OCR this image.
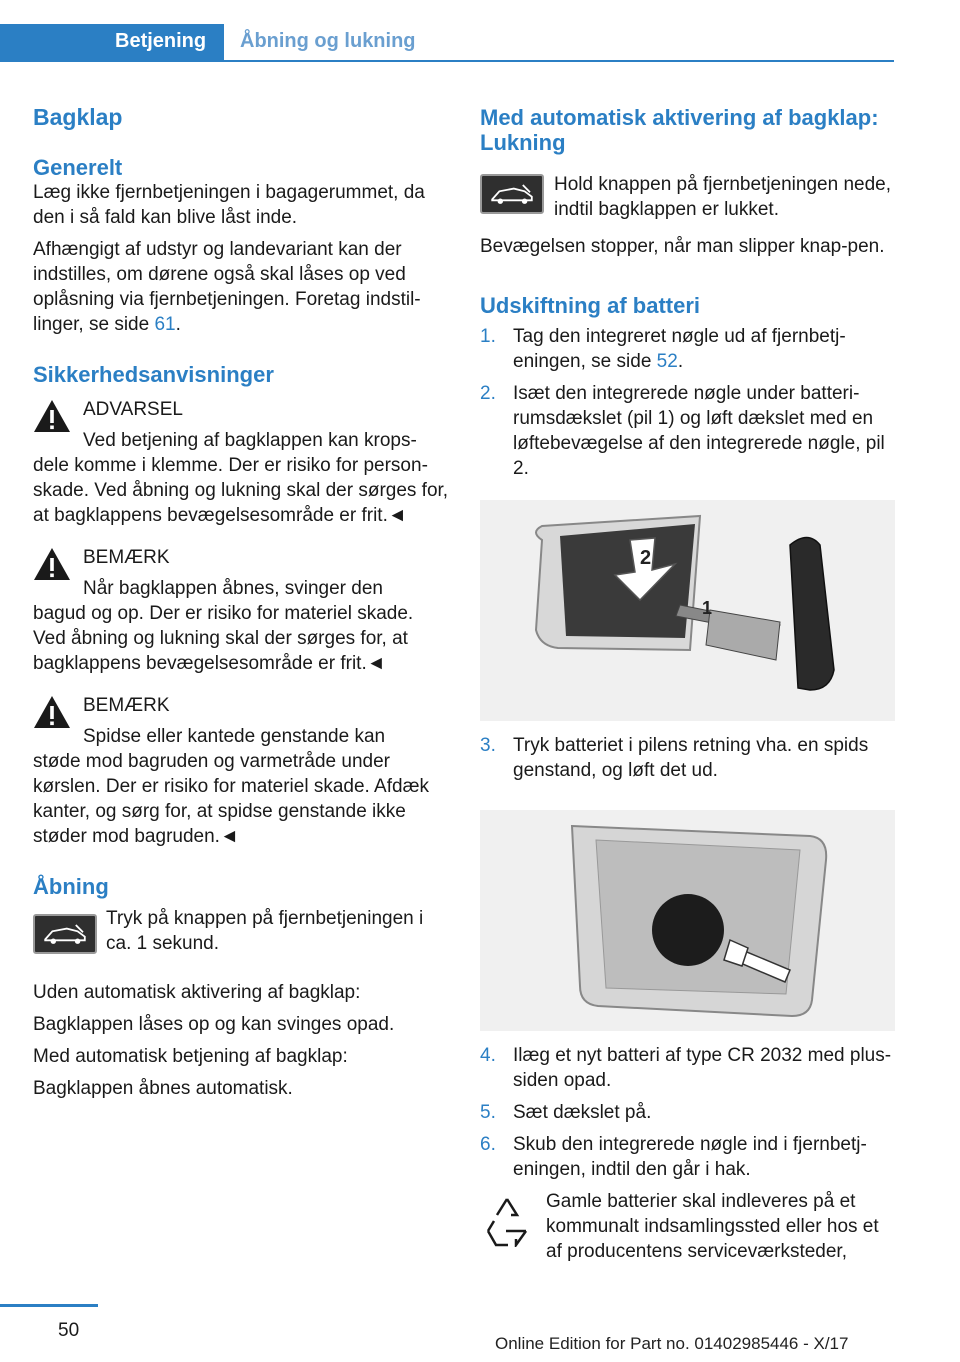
Betjening	Åbning og lukning
Bagklap
Generelt

Læg ikke fjernbetjeningen i bagagerummet, da den i så fald kan blive låst inde.

Afhængigt af udstyr og landevariant kan der indstilles, om dørene også skal låses op ved oplåsning via fjernbetjeningen. Foretag indstil‐linger, se side 61.

Sikkerhedsanvisninger

ADVARSEL

Ved betjening af bagklappen kan krops‐

dele komme i klemme. Der er risiko for person‐skade. Ved åbning og lukning skal der sørges for, at bagklappens bevægelsesområde er frit.◄

BEMÆRK

Når bagklappen åbnes, svinger den

bagud og op. Der er risiko for materiel skade. Ved åbning og lukning skal der sørges for, at bagklappens bevægelsesområde er frit.◄

BEMÆRK

Spidse eller kantede genstande kan

støde mod bagruden og varmetråde under kørslen. Der er risiko for materiel skade. Afdæk kanter, og sørg for, at spidse genstande ikke støder mod bagruden.◄

Åbning

Tryk på knappen på fjernbetjeningen i ca. 1 sekund.

Uden automatisk aktivering af bagklap:

Bagklappen låses op og kan svinges opad.

Med automatisk betjening af bagklap:

Bagklappen åbnes automatisk.

Med automatisk aktivering af bagklap: Lukning

Hold knappen på fjernbetjeningen nede, indtil bagklappen er lukket.

Bevægelsen stopper, når man slipper knap‐pen.

Udskiftning af batteri
1. Tag den integreret nøgle ud af fjernbetj‐eningen, se side 52.
2. Isæt den integrerede nøgle under batteri‐rumsdækslet (pil 1) og løft dækslet med en løftebevægelse af den integrerede nøgle, pil 2.
2
1
3. Tryk batteriet i pilens retning vha. en spids genstand, og løft det ud.
4. Ilæg et nyt batteri af type CR 2032 med plus-siden opad.
5. Sæt dækslet på.
6. Skub den integrerede nøgle ind i fjernbetj‐eningen, indtil den går i hak.

Gamle batterier skal indleveres på et kommunalt indsamlingssted eller hos et af producentens serviceværksteder,

50
Online Edition for Part no. 01402985446 - X/17
